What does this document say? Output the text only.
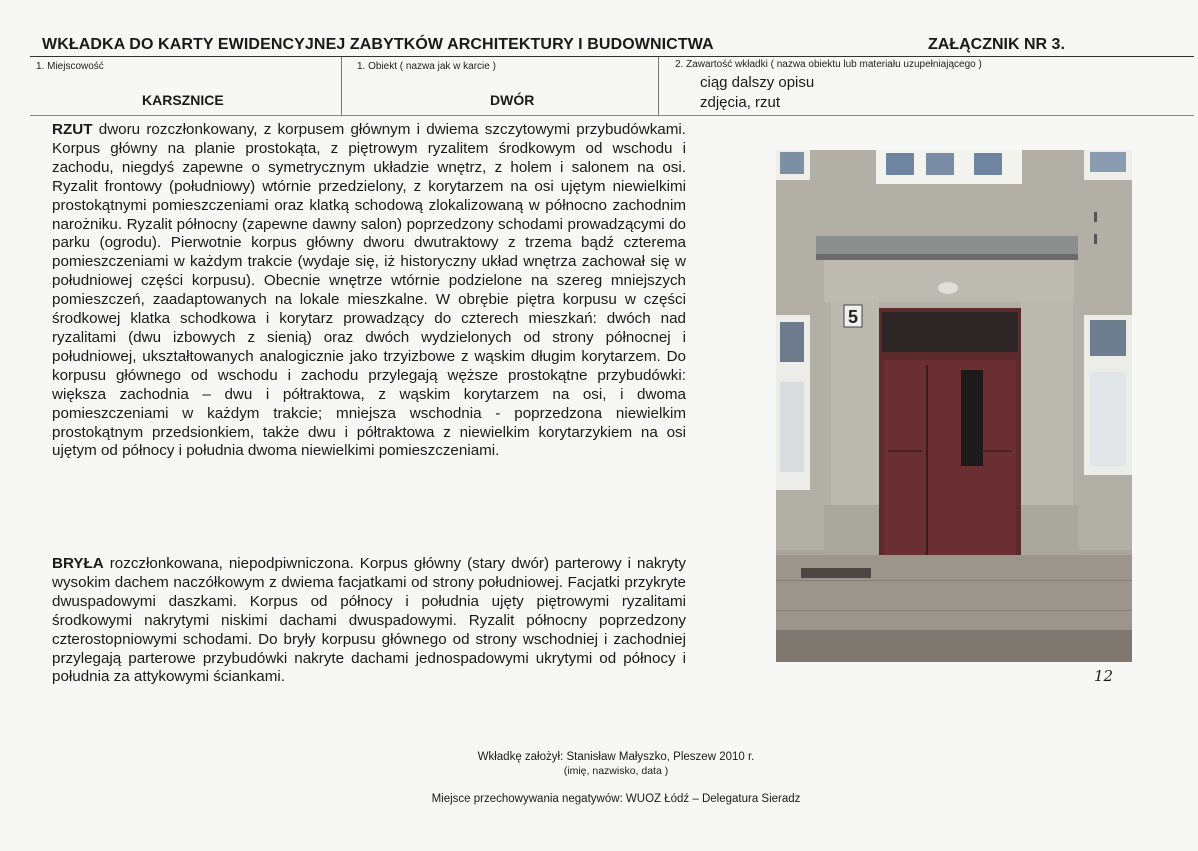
WKŁADKA DO KARTY EWIDENCYJNEJ ZABYTKÓW ARCHITEKTURY I BUDOWNICTWA	ZAŁĄCZNIK NR 3.
1. Miejscowość
KARSZNICE
1. Obiekt ( nazwa jak w karcie )
DWÓR
2. Zawartość wkładki ( nazwa obiektu lub materiału uzupełniającego )
ciąg dalszy opisu
zdjęcia, rzut
RZUT dworu rozczłonkowany, z korpusem głównym i dwiema szczytowymi przybudówkami. Korpus główny na planie prostokąta, z piętrowym ryzalitem środkowym od wschodu i zachodu, niegdyś zapewne o symetrycznym układzie wnętrz, z holem i salonem na osi. Ryzalit frontowy (południowy) wtórnie przedzielony, z korytarzem na osi ujętym niewielkimi prostokątnymi pomieszczeniami oraz klatką schodową zlokalizowaną w północno zachodnim narożniku. Ryzalit północny (zapewne dawny salon) poprzedzony schodami prowadzącymi do parku (ogrodu). Pierwotnie korpus główny dworu dwutraktowy z trzema bądź czterema pomieszczeniami w każdym trakcie (wydaje się, iż historyczny układ wnętrza zachował się w południowej części korpusu). Obecnie wnętrze wtórnie podzielone na szereg mniejszych pomieszczeń, zaadaptowanych na lokale mieszkalne. W obrębie piętra korpusu w części środkowej klatka schodkowa i korytarz prowadzący do czterech mieszkań: dwóch nad ryzalitami (dwu izbowych z sienią) oraz dwóch wydzielonych od strony północnej i południowej, ukształtowanych analogicznie jako trzyizbowe z wąskim długim korytarzem. Do korpusu głównego od wschodu i zachodu przylegają węższe prostokątne przybudówki: większa zachodnia – dwu i półtraktowa, z wąskim korytarzem na osi, i dwoma pomieszczeniami w każdym trakcie; mniejsza wschodnia - poprzedzona niewielkim prostokątnym przedsionkiem, także dwu i półtraktowa z niewielkim korytarzykiem na osi ujętym od północy i południa dwoma niewielkimi pomieszczeniami.
BRYŁA rozczłonkowana, niepodpiwniczona. Korpus główny (stary dwór) parterowy i nakryty wysokim dachem naczółkowym z dwiema facjatkami od strony południowej. Facjatki przykryte dwuspadowymi daszkami. Korpus od północy i południa ujęty piętrowymi ryzalitami środkowymi nakrytymi niskimi dachami dwuspadowymi. Ryzalit północny poprzedzony czterostopniowymi schodami. Do bryły korpusu głównego od strony wschodniej i zachodniej przylegają parterowe przybudówki nakryte dachami jednospadowymi ukrytymi od północy i południa za attykowymi ściankami.
5
12
Wkładkę założył: Stanisław Małyszko, Pleszew 2010 r.
(imię, nazwisko, data )
Miejsce przechowywania negatywów: WUOZ Łódź – Delegatura Sieradz
